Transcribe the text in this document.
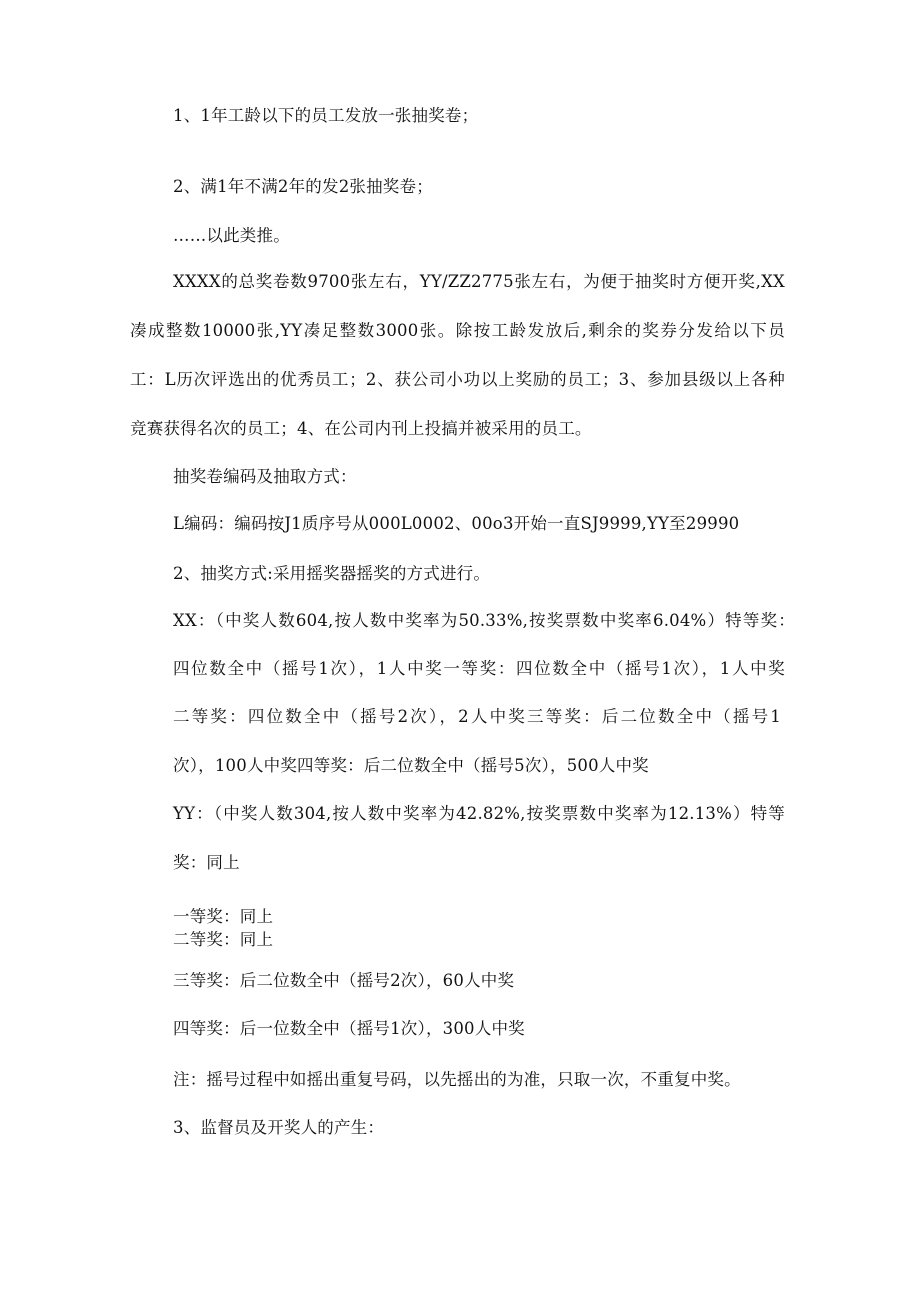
1、1年工龄以下的员工发放一张抽奖卷；
2、满1年不满2年的发2张抽奖卷；
……以此类推。
XXXX的总奖卷数9700张左右，YY/ZZ2775张左右，为便于抽奖时方便开奖,XX
凑成整数10000张,YY凑足整数3000张。除按工龄发放后,剩余的奖券分发给以下员
工：L历次评选出的优秀员工；2、获公司小功以上奖励的员工；3、参加县级以上各种
竞赛获得名次的员工；4、在公司内刊上投搞并被采用的员工。
抽奖卷编码及抽取方式：
L编码：编码按J1质序号从000L0002、00o3开始一直SJ9999,YY至29990
2、抽奖方式:采用摇奖器摇奖的方式进行。
XX：（中奖人数604,按人数中奖率为50.33%,按奖票数中奖率6.04%）特等奖：
四位数全中（摇号1次），1人中奖一等奖：四位数全中（摇号1次），1人中奖
二等奖：四位数全中（摇号2次），2人中奖三等奖：后二位数全中（摇号1
次），100人中奖四等奖：后二位数全中（摇号5次），500人中奖
YY：（中奖人数304,按人数中奖率为42.82%,按奖票数中奖率为12.13%）特等
奖：同上
一等奖：同上
二等奖：同上
三等奖：后二位数全中（摇号2次），60人中奖
四等奖：后一位数全中（摇号1次），300人中奖
注：摇号过程中如摇出重复号码，以先摇出的为准，只取一次，不重复中奖。
3、监督员及开奖人的产生：
